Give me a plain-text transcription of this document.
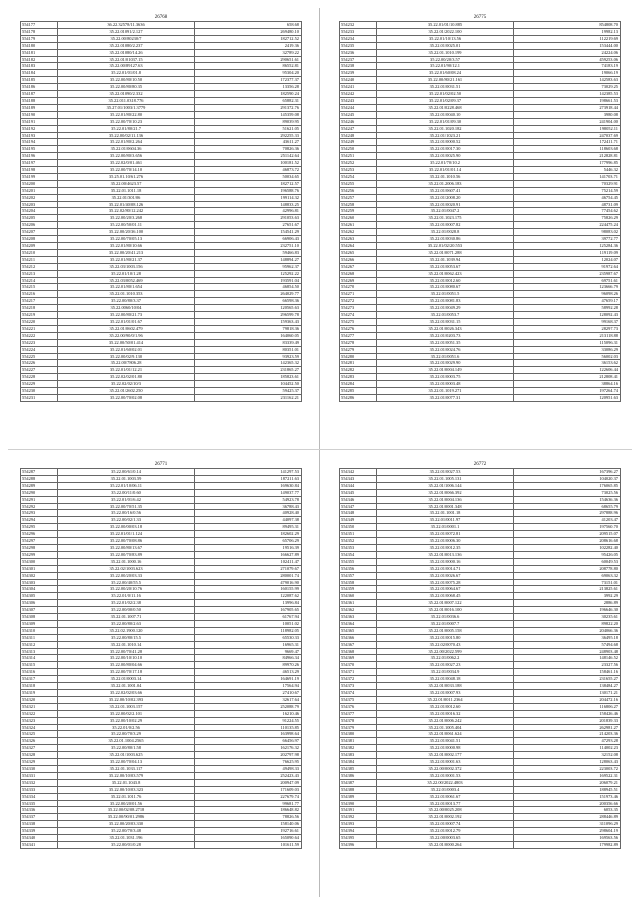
26768
554177	36.22.32578/11.3636	658.68
554178	35.22.01091/2.127	269480.10
554179	35.22.00/80230/7	182712.52
554180	35.22.01080/2.237	2419.36
554181	35.22.01080/14.26	32789.22
554182	35.22.01/01037.15	290651.61
554183	35.22.00/89127.63	86552.81
554184	35.22.01/01/01.8	95304.20
554185	35.22.00/80/10.50	172377.37
554186	35.22.00/80/80.35	13356.28
554187	35.22.01090/2.332	182590.24
554188	35.22.011.0318.776	65882.31
554189	35.27.01/1003/1.3779	291372.76
554190	35.22.01/80/22.80	145359.08
554191	35.22.00/70/10.23	89039.95
554192	35.22.01/80/21.7	51621.05
554193	35.22.00/02/11.136	292255.33
554194	35.22.01/80/2.264	43611.27
554195	35.22.01/0604.36	70826.36
554196	35.22.00/80/3.656	251142.64
554197	35.22.02/0/01.461	100181.52
554198	35.22.00/70/14.10	46873.72
554199	35.25.01.10/61.276	50034.65
554200	35.22.00/4623.57	182712.57
554201	35.22.01.1011.18	196588.76
554202	35.22.01/301/06	199114.32
554203	35.22.01/40/08.126	148833.25
554204	35.22.02/80/12.242	42996.81
554205	35.22.00/20/3.268	291053.63
554206	35.22.00/50/01.11	27651.67
554207	35.22.00/20/36.100	154541.29
554208	35.22.00/70/05.13	66906.43
554209	35.22.01/80/10.66	232751.10
554210	35.22.00/20/41.213	59466.83
554211	35.22.01/80/21.37	148894.27
554212	35.22.03/1003.156	95962.37
554213	35.22.01/10/1.28	125292.22
554214	35.22.03/0052.469	193591.04
554215	35.22.01/80/1.654	46854.50
554216	35.22.01.1010.353	264029.77
554217	35.22.00/80/3.37	66598.36
554218	35.22.0060/10/04	120565.63
554219	35.22.00/80/21.73	296599.78
554220	35.22.01/01/01.67	159363.43
554221	35.22.01/0602.479	79818.36
554222	35.22.00/90/0/1.96	164060.05
554223	35.22.00/50/01.414	83339.49
554224	35.22.01/60/02.01	80351.01
554225	35.22.00/02/9.130	93923.59
554226	35.22.00/7806.28	142365.32
554227	35.22.01/01/12.21	231865.27
554228	35.22.02/02/01.80	185823.61
554229	35.22.02/02/10/3	104452.50
554230	35.22.01/2602.250	59425.37
554231	35.22.00/70/02.08	231162.21
26775
554232	35.22.01/01/10.885	854808.70
554233	35.22.01/2022.100	19982.13
554234	35.22.01/10/13.56	112219.69
554235	35.22.01/0025.01	153444.00
554236	35.22.01.1010.199	24224.06
554237	35.22.00/20/3.57	459253.06
554238	35.22.01/90/12.1	74183.19
554239	35.22.01/60/08.24	19066.19
554240	35.22.00/80/21.161	142583.63
554241	35.22.01/0031.51	73029.25
554242	35.22.01/02/02.50	142385.53
554243	35.22.01/02/09.37	198661.53
554244	35.22.01/0228.468	273918.44
554245	35.22.01/0040.10	3980.08
554246	35.22.01/01/09.30	241904.00
554247	35.22.01.1020.182	198052.11
554248	35.22.01/1023.21	247037.69
554249	35.22.01/0000.52	172411.71
554250	35.22.01/0017.30	118603.68
554251	35.22.01/0025.90	212828.81
554252	35.22.01/70/10.2	177996.85
554253	35.22.01/01/01.14	5446.32
554254	35.22.01.1010.56	141703.71
554255	35.22.01.2006.183	70329.91
554256	35.22.01/0607.41	75214.59
554257	35.22.01/2008.20	46754.45
554258	35.22.01/0020.91	48731.09
554259	35.22.01/0047.2	77454.62
554260	35.22.01.1023.175	75826.29
554261	35.22.01/0007.82	224475.24
554262	35.22.01/0028.8	98083.02
554263	35.22.01/0030.86	39772.77
554264	35.22.01/02/20.553	125284.36
554265	35.22.01/0071.288	119119.09
554266	35.22.01.1039.94	12024.07
554267	35.22.01/0053.67	91972.64
554268	35.22.01/0062.423	235987.67
554269	35.22.01/0012.60	69751.61
554270	35.22.01/0080.67	123666.79
554271	35.22.01/0051.5	96098.26
554272	35.22.01/0081.83	47659.17
554273	35.22.01/0049.29	58992.28
554274	35.22.01/0053.7	128092.43
554275	35.22.01/0031.15	99168.37
554276	35.22.01/0026.343	28297.73
554277	35.22.01/0203.73	213118.88
554278	35.22.01/0051.35	115096.31
554279	35.22.01/0024.76	33086.29
554280	35.22.01/0051.6	56002.03
554281	35.22.01/0029.90	36153.62
554282	35.22.01/0004.149	122606.44
554283	35.22.01/0003.75	212808.41
554284	35.22.01/0003.48	38864.16
554285	35.22.01.1019.271	197264.74
554286	35.22.01/0077.31	120951.63
26771
554287	35.22.00/61/0.14	141297.53
554288	35.22.01.1003.59	187211.63
554289	35.22.01/10/06.11	169630.84
554290	35.22.00/11/0.60	149037.77
554291	35.22.01/01/6.42	54923.78
554292	35.22.00/70/51.35	36788.43
554293	35.22.00/16/0.56	40928.40
554294	35.22.00/02/1.33	44097.38
554295	35.22.00/00/03.18	89495.31
554296	35.22.01/01/1.124	182602.29
554297	35.22.00/70/08.86	65706.29
554298	35.22.00/80/13.67	19516.39
554299	35.22.00/70/83.89	166627.89
554300	35.22.01.1000.16	102411.47
554301	35.22.02/1003.623	271079.67
554302	35.22.00/20/03.33	280001.74
554303	35.22.00/40/55.5	479016.90
554304	35.22.00/20/10.76	160155.99
554305	35.22.01/0/11.16	122087.62
554306	35.22.01/02/2.38	13996.84
554307	35.22.00/00/0.50	167905.65
554308	35.22.01.1007.71	61767.94
554309	35.22.00/80/2.63	10051.02
554310	35.22.02.1900.120	118982.05
554311	35.22.00/80/15.5	65530.33
554312	35.22.01.1010.14	16965.31
554313	35.22.00/70/41.28	9669.47
554314	35.22.00/10/10.10	84966.34
554315	35.22.00/80/04.66	89970.26
554316	35.22.00/70/17.18	46513.29
554317	35.22.01/0003.14	164691.19
554318	35.22.01.1001.04	17564.94
554319	35.22.02/02/03.66	27410.67
554320	35.22.00/10/02.393	32617.64
554321	35.22.01.1003.157	252088.79
554322	35.22.00/02/2.101	16210.46
554323	35.22.00/10/02.29	91224.55
554324	35.22.01/0/2.56	110135.85
554325	35.22.00/70/3.29	163998.64
554326	35.22.01.1004.2565	66456.97
554327	35.22.00/80/1.58	162176.32
554328	35.22.01/1003.625	202797.98
554329	35.22.00/70/04.13	76625.95
554330	35.22.01.1033.117	49498.33
554331	35.22.00/10/03.579	252423.43
554332	35.22.01.1043.8	200947.09
554333	35.22.00/10/03.323	171609.03
554334	35.22.01.1011.76	227679.74
554335	35.22.00/20/01.56	99681.77
554336	35.22.00/02/08.2718	186648.82
554337	35.22.00/90/01.2986	78826.56
554338	35.22.00/20/03.330	158140.06
554339	35.22.00/70/3.48	192716.61
554340	35.22.01.1031.196	165090.64
554341	35.22.00/01/0.28	101611.59
26772
554342	35.22.01/0027.53	167396.27
554343	35.22.01.1005.131	104020.37
554344	35.22.01/1006.144	176065.85
554345	35.22.01/0066.392	73025.56
554346	35.22.01/0004.136	154636.36
554347	35.22.01/0001.348	68655.79
554348	35.22.01.1001.18	297888.96
554349	35.22.01/0011.97	41203.47
554350	35.22.01/0001.1	197560.70
554351	35.22.01/0072.81	209515.07
554352	35.22.01/0006.30	208616.68
554353	35.22.01/0012.35	102282.40
554354	35.22.01/0013.136	95426.05
554355	35.22.01/0000.16	60049.53
554356	35.22.01/0014.71	208778.80
554357	35.22.01/0026.67	69063.32
554358	35.22.01/0075.28	73151.01
554359	35.22.01/0064.67	213825.61
554360	35.22.01/0068.45	3992.29
554361	35.22.01/0007.122	2886.89
554362	35.22.01/0016.100	196646.30
554363	35.22.01/0036.6	30235.61
554364	35.22.01/0007.7	89822.20
554365	35.22.01/0005.158	204066.36
554366	35.22.01/0015.80	36495.18
554367	35.22.02/0070.43	57494.68
554368	35.22.00/2022.599	248903.48
554369	35.22.01/0062.2	148146.52
554370	35.22.01/0027.23	23327.56
554371	35.22.01/0034.9	158461.16
554372	35.22.01/0048.18	231655.27
554373	35.22.01/0033.188	138484.27
554374	35.22.01/0007.93	130171.21
554375	35.22.01/0011.2364	204472.16
554376	35.22.01/0012.60	116806.27
554377	35.22.01/0016.32	158426.46
554378	35.22.01/0006.242	201839.33
554379	35.22.01.1005.404	262981.27
554380	35.22.01/0061.624	214203.36
554381	35.22.01/0041.51	47293.28
554382	35.22.01/0000.98	114002.23
554383	35.22.01/0002.177	32152.08
554384	35.22.01/0001.63	128063.43
554385	35.22.00/0002.372	223003.72
554386	35.22.01/0001.53	169522.31
554387	35.22.00/2022.4803	206079.21
554388	35.22.01/0003.4	188945.51
554389	35.22.01/0061.67	151973.46
554390	35.22.01/0013.77	200356.66
554391	35.22.00/0025.208	6053.35
554392	35.22.01/0002.192	288446.89
554393	35.22.01/0007.74	311096.29
554394	35.22.01/0012.79	298604.19
554395	35.22.00/0003.65	169563.56
554396	35.22.01/0000.264	179982.89
